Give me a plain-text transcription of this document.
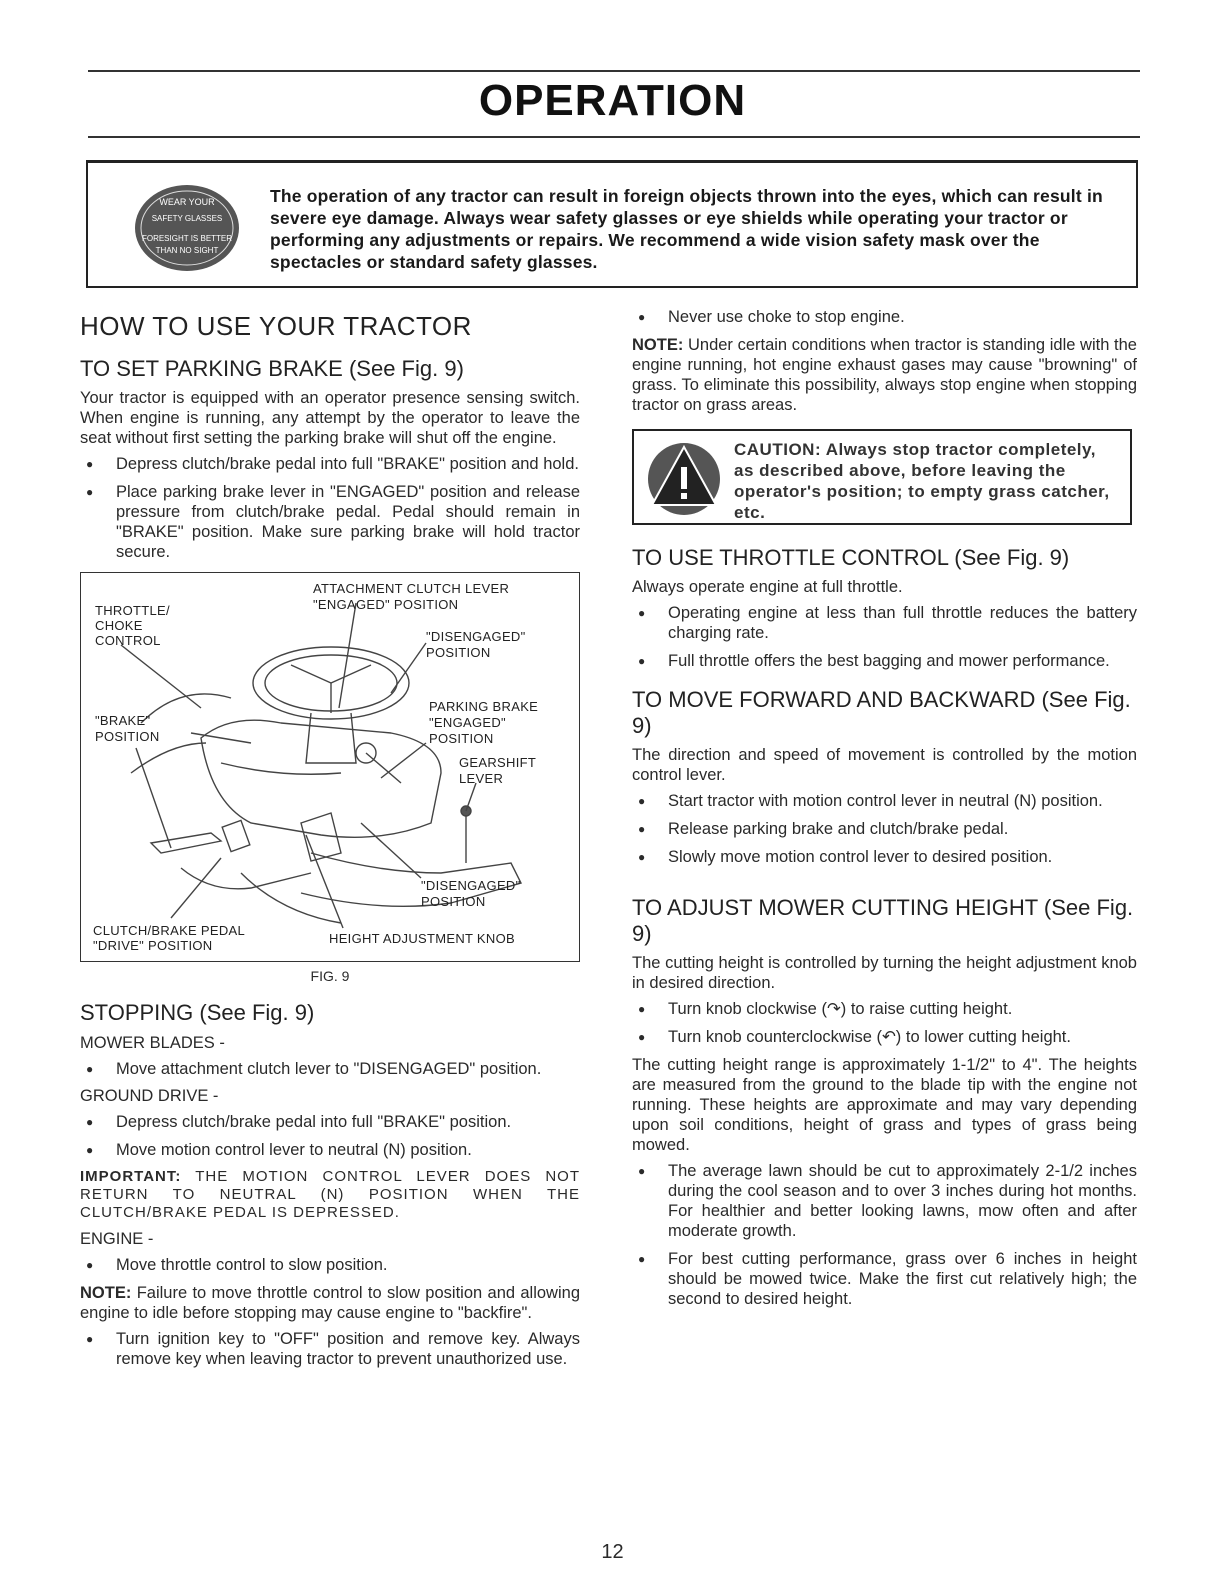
OPERATION
WEAR YOUR
SAFETY GLASSES
FORESIGHT IS BETTER
THAN NO SIGHT
The operation of any tractor can result in foreign objects thrown into the eyes, which can result in severe eye damage. Always wear safety glasses or eye shields while operating your tractor or performing any adjustments or repairs. We recommend a wide vision safety mask over the spectacles or standard safety glasses.
HOW TO USE YOUR TRACTOR
TO SET PARKING BRAKE (See Fig. 9)

Your tractor is equipped with an operator presence sensing switch. When engine is running, any attempt by the operator to leave the seat without first setting the parking brake will shut off the engine.

● Depress clutch/brake pedal into full "BRAKE" position and hold.
● Place parking brake lever in "ENGAGED" position and release pressure from clutch/brake pedal. Pedal should remain in "BRAKE" position. Make sure parking brake will hold tractor secure.
ATTACHMENT CLUTCH LEVER
"ENGAGED" POSITION
THROTTLE/
CHOKE
CONTROL	"DISENGAGED"
POSITION
"BRAKE"
POSITION
PARKING BRAKE
"ENGAGED"
POSITION
GEARSHIFT
LEVER
"DISENGAGED"
POSITION
CLUTCH/BRAKE PEDAL
"DRIVE" POSITION	HEIGHT ADJUSTMENT KNOB
FIG. 9
STOPPING (See Fig. 9)
MOWER BLADES -
● Move attachment clutch lever to "DISENGAGED" position.
GROUND DRIVE -
● Depress clutch/brake pedal into full "BRAKE" position.
● Move motion control lever to neutral (N) position.
IMPORTANT: THE MOTION CONTROL LEVER DOES NOT RETURN TO NEUTRAL (N) POSITION WHEN THE CLUTCH/BRAKE PEDAL IS DEPRESSED.
ENGINE -
● Move throttle control to slow position.

NOTE: Failure to move throttle control to slow position and allowing engine to idle before stopping may cause engine to "backfire".

● Turn ignition key to "OFF" position and remove key. Always remove key when leaving tractor to prevent unauthorized use.
● Never use choke to stop engine.

NOTE: Under certain conditions when tractor is standing idle with the engine running, hot engine exhaust gases may cause "browning" of grass. To eliminate this possibility, always stop engine when stopping tractor on grass areas.

CAUTION: Always stop tractor completely, as described above, before leaving the operator's position; to empty grass catcher, etc.
TO USE THROTTLE CONTROL (See Fig. 9)

Always operate engine at full throttle.

● Operating engine at less than full throttle reduces the battery charging rate.
● Full throttle offers the best bagging and mower performance.
TO MOVE FORWARD AND BACKWARD (See Fig. 9)

The direction and speed of movement is controlled by the motion control lever.

● Start tractor with motion control lever in neutral (N) position.
● Release parking brake and clutch/brake pedal.
● Slowly move motion control lever to desired position.
TO ADJUST MOWER CUTTING HEIGHT (See Fig. 9)

The cutting height is controlled by turning the height adjustment knob in desired direction.

● Turn knob clockwise (↷) to raise cutting height.
● Turn knob counterclockwise (↶) to lower cutting height.

The cutting height range is approximately 1-1/2" to 4". The heights are measured from the ground to the blade tip with the engine not running. These heights are approximate and may vary depending upon soil conditions, height of grass and types of grass being mowed.

● The average lawn should be cut to approximately 2-1/2 inches during the cool season and to over 3 inches during hot months. For healthier and better looking lawns, mow often and after moderate growth.
● For best cutting performance, grass over 6 inches in height should be mowed twice. Make the first cut relatively high; the second to desired height.
12
